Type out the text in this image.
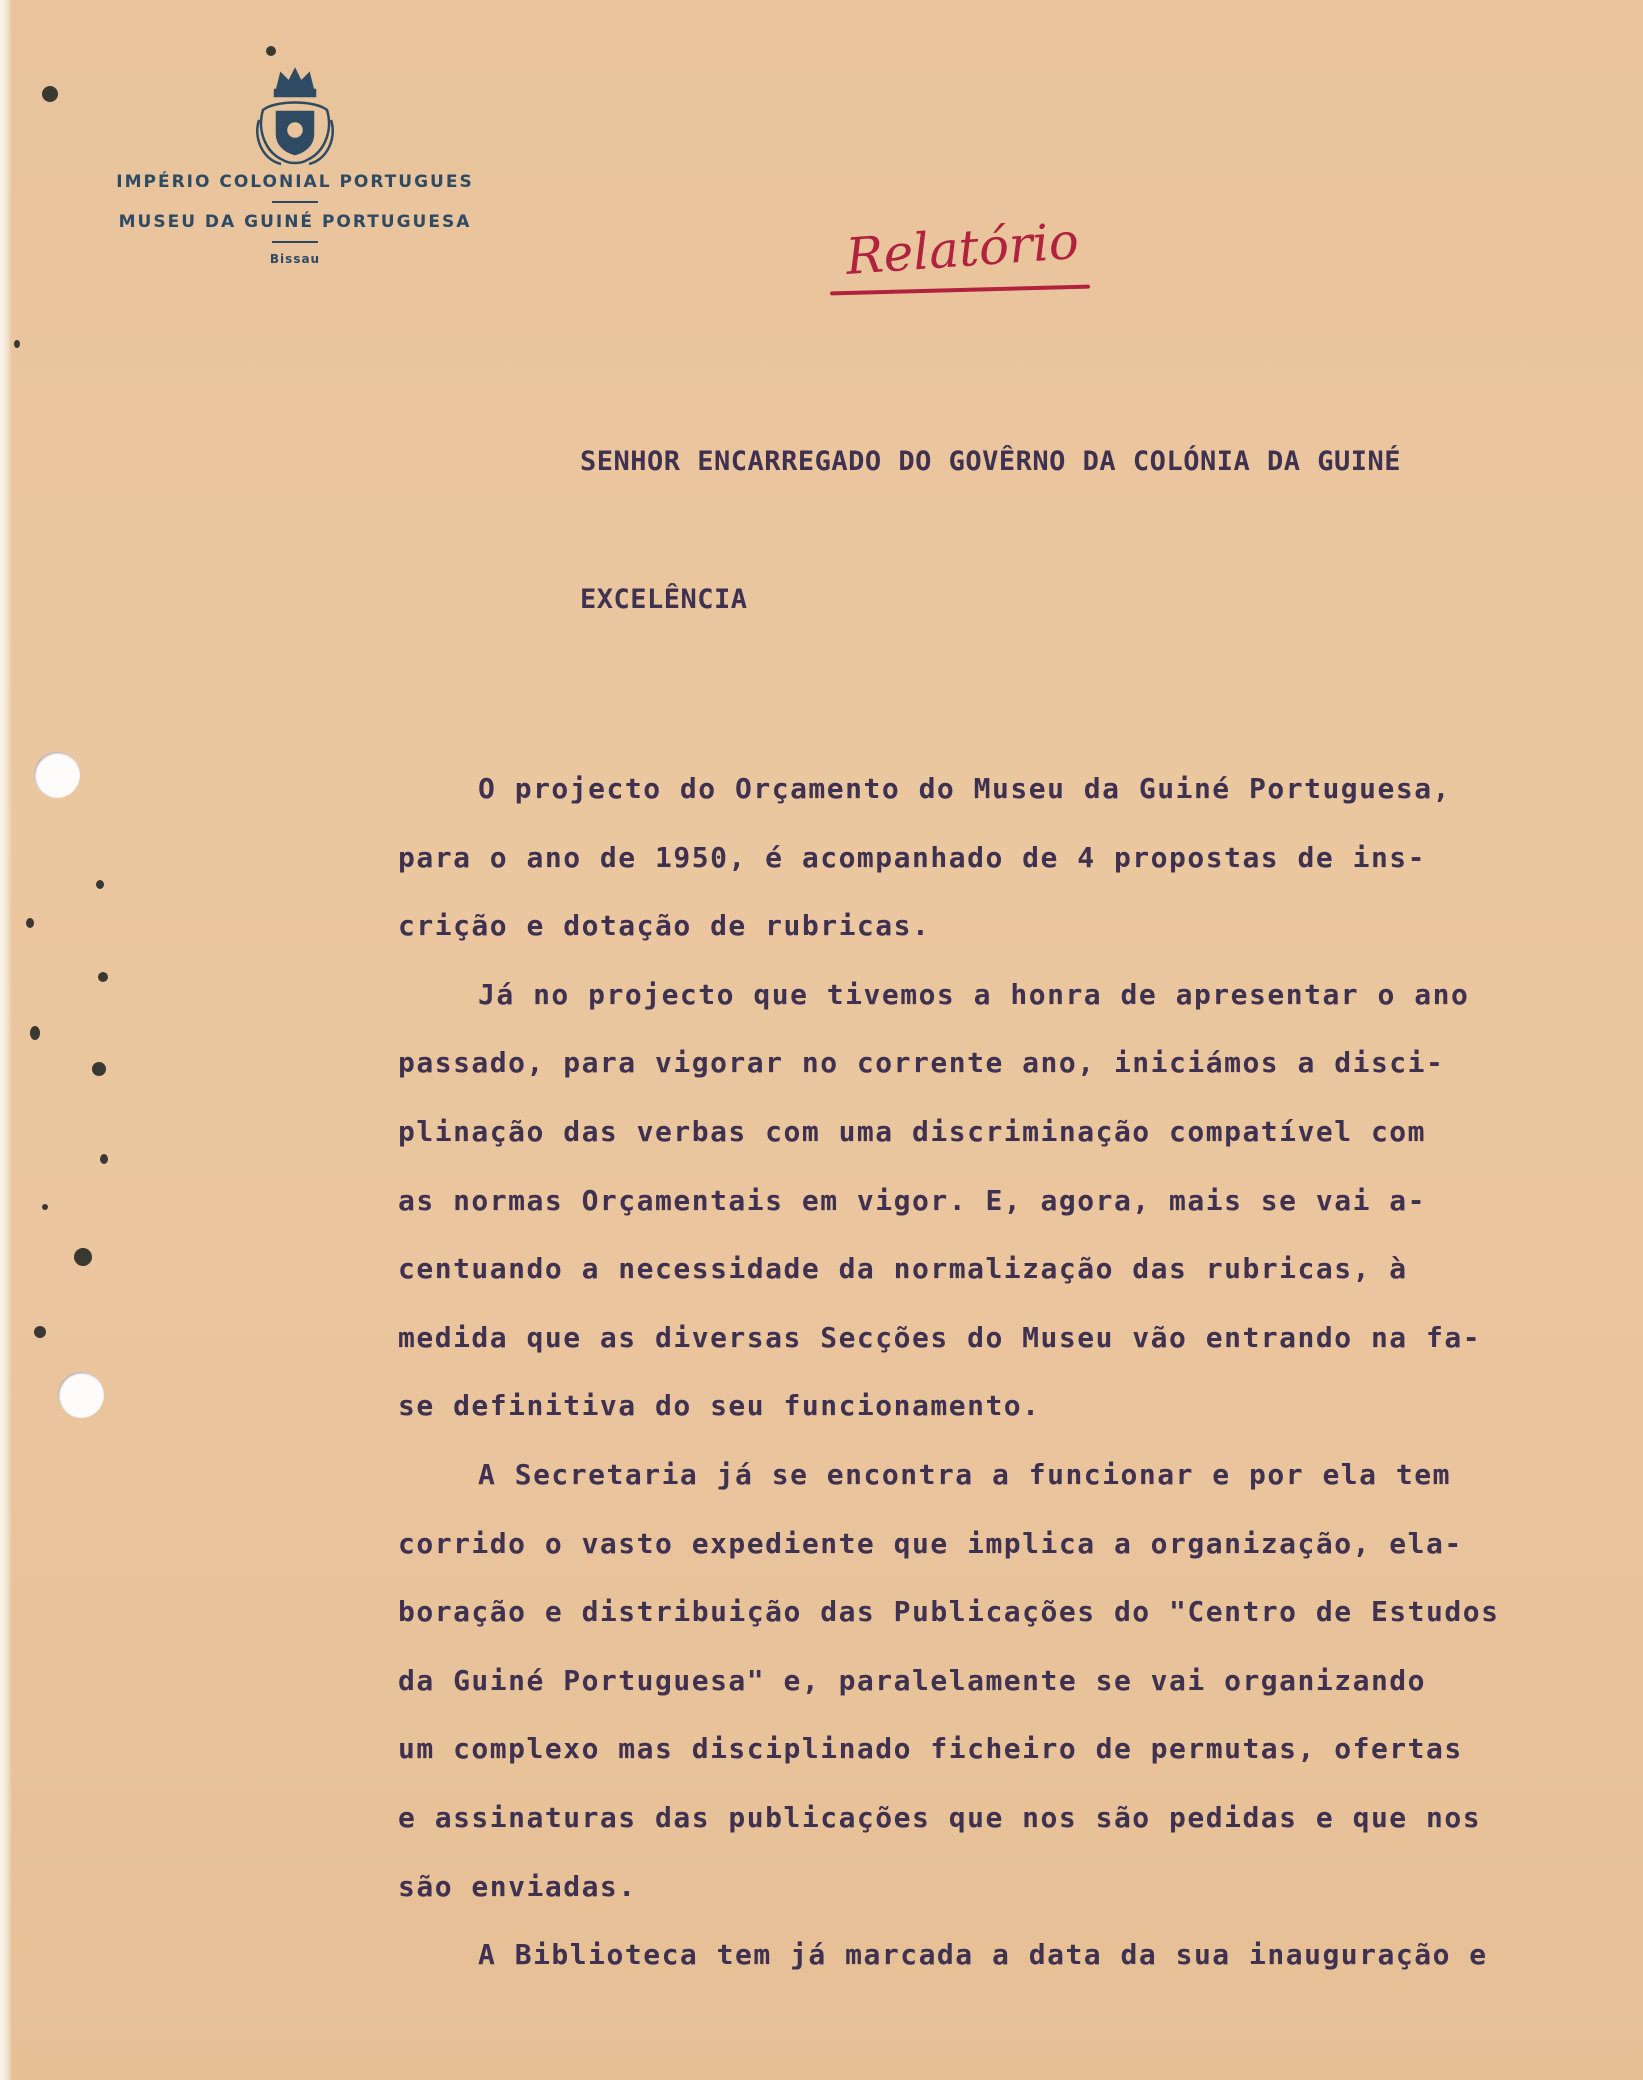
IMPÉRIO COLONIAL PORTUGUES
MUSEU DA GUINÉ PORTUGUESA
Bissau	Relatório
SENHOR ENCARREGADO DO GOVÊRNO DA COLÓNIA DA GUINÉ
EXCELÊNCIA
O projecto do Orçamento do Museu da Guiné Portuguesa,
para o ano de 1950, é acompanhado de 4 propostas de ins-
crição e dotação de rubricas.
Já no projecto que tivemos a honra de apresentar o ano
passado, para vigorar no corrente ano, iniciámos a disci-
plinação das verbas com uma discriminação compatível com
as normas Orçamentais em vigor. E, agora, mais se vai a-
centuando a necessidade da normalização das rubricas, à
medida que as diversas Secções do Museu vão entrando na fa-
se definitiva do seu funcionamento.
A Secretaria já se encontra a funcionar e por ela tem
corrido o vasto expediente que implica a organização, ela-
boração e distribuição das Publicações do "Centro de Estudos
da Guiné Portuguesa" e, paralelamente se vai organizando
um complexo mas disciplinado ficheiro de permutas, ofertas
e assinaturas das publicações que nos são pedidas e que nos
são enviadas.
A Biblioteca tem já marcada a data da sua inauguração e
